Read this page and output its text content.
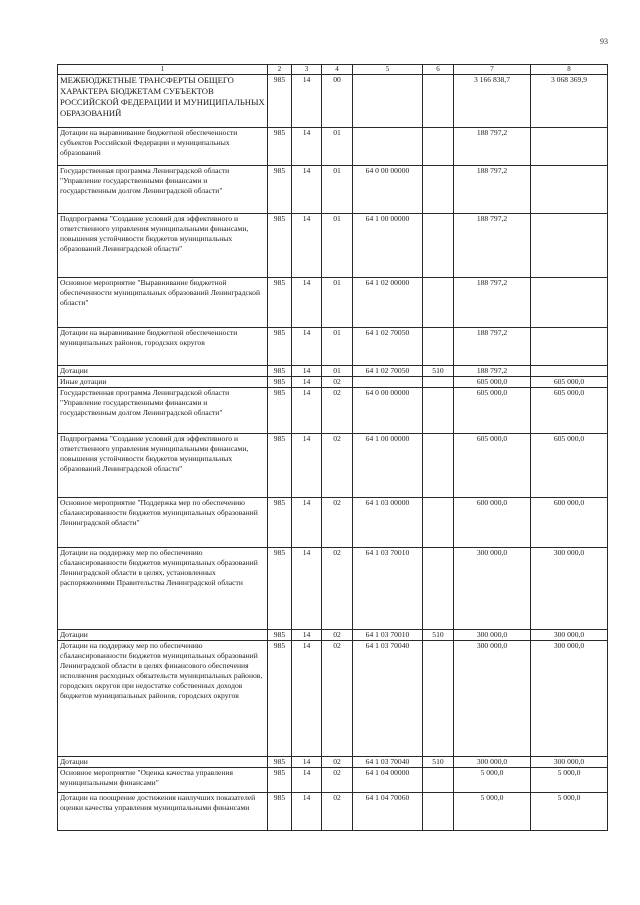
93
1	2	3	4	5	6	7	8
МЕЖБЮДЖЕТНЫЕ ТРАНСФЕРТЫ ОБЩЕГО ХАРАКТЕРА БЮДЖЕТАМ СУБЪЕКТОВ РОССИЙСКОЙ ФЕДЕРАЦИИ И МУНИЦИПАЛЬНЫХ ОБРАЗОВАНИЙ	985	14	00			3 166 838,7	3 068 369,9
Дотации на выравнивание бюджетной обеспеченности субъектов Российской Федерации и муниципальных образований	985	14	01			188 797,2	
Государственная программа Ленинградской области "Управление государственными финансами и государственным долгом Ленинградской области"	985	14	01	64 0 00 00000		188 797,2	
Подпрограмма "Создание условий для эффективного и ответственного управления муниципальными финансами, повышения устойчивости бюджетов муниципальных образований Ленинградской области"	985	14	01	64 1 00 00000		188 797,2	
Основное мероприятие "Выравнивание бюджетной обеспеченности муниципальных образований Ленинградской области"	985	14	01	64 1 02 00000		188 797,2	
Дотации на выравнивание бюджетной обеспеченности муниципальных районов, городских округов	985	14	01	64 1 02 70050		188 797,2	
Дотации	985	14	01	64 1 02 70050	510	188 797,2	
Иные дотации	985	14	02			605 000,0	605 000,0
Государственная программа Ленинградской области "Управление государственными финансами и государственным долгом Ленинградской области"	985	14	02	64 0 00 00000		605 000,0	605 000,0
Подпрограмма "Создание условий для эффективного и ответственного управления муниципальными финансами, повышения устойчивости бюджетов муниципальных образований Ленинградской области"	985	14	02	64 1 00 00000		605 000,0	605 000,0
Основное мероприятие "Поддержка мер по обеспечению сбалансированности бюджетов муниципальных образований Ленинградской области"	985	14	02	64 1 03 00000		600 000,0	600 000,0
Дотации на поддержку мер по обеспечению сбалансированности бюджетов муниципальных образований Ленинградской области в целях, установленных распоряжениями Правительства Ленинградской области	985	14	02	64 1 03 70010		300 000,0	300 000,0
Дотации	985	14	02	64 1 03 70010	510	300 000,0	300 000,0
Дотации на поддержку мер по обеспечению сбалансированности бюджетов муниципальных образований Ленинградской области в целях финансового обеспечения исполнения расходных обязательств муниципальных районов, городских округов при недостатке собственных доходов бюджетов муниципальных районов, городских округов	985	14	02	64 1 03 70040		300 000,0	300 000,0
Дотации	985	14	02	64 1 03 70040	510	300 000,0	300 000,0
Основное мероприятие "Оценка качества управления муниципальными финансами"	985	14	02	64 1 04 00000		5 000,0	5 000,0
Дотации на поощрение достижения наилучших показателей оценки качества управления муниципальными финансами	985	14	02	64 1 04 70060		5 000,0	5 000,0
